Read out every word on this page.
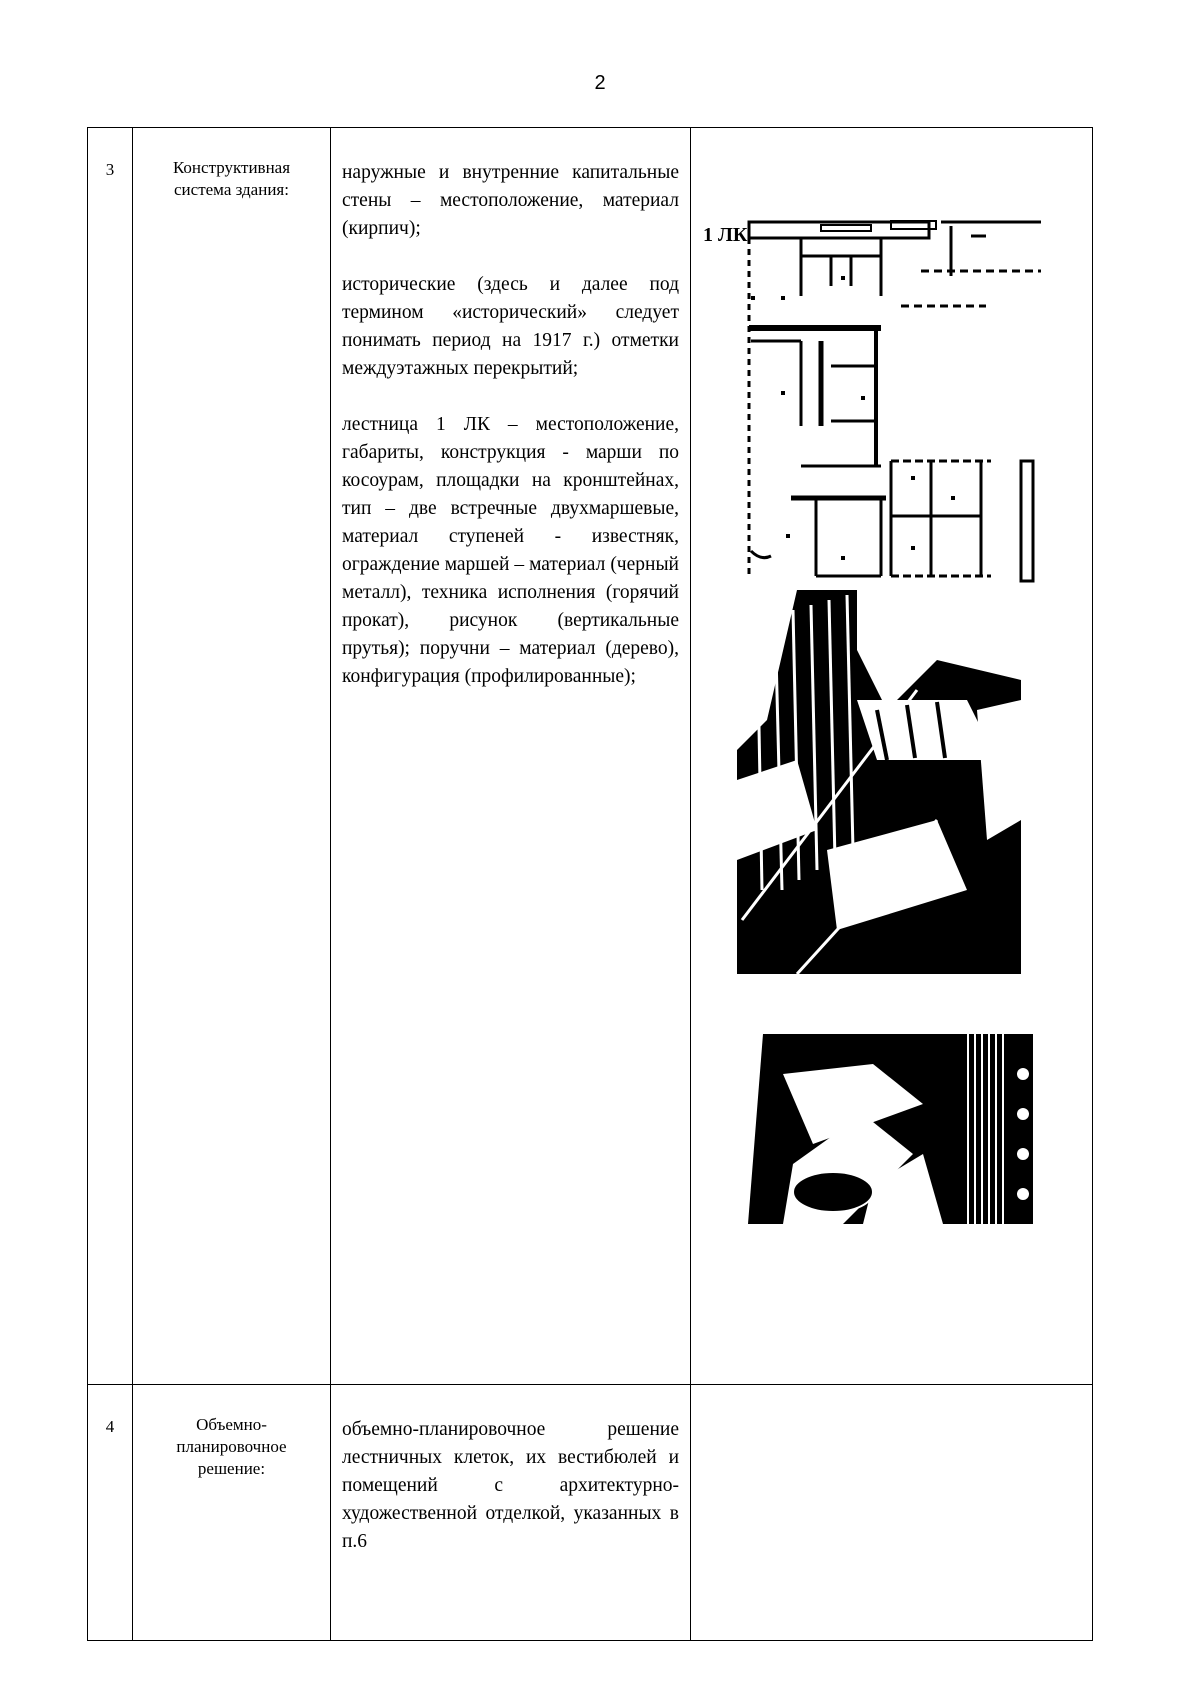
2
3	Конструктивная система здания:	наружные и внутренние капитальные стены – местоположение, материал (кирпич);

исторические (здесь и далее под термином «исторический» следует понимать период на 1917 г.) отметки междуэтажных перекрытий;

лестница 1 ЛК – местоположение, габариты, конструкция - марши по косоурам, площадки на кронштейнах, тип – две встречные двухмаршевые, материал ступеней - известняк, ограждение маршей – материал (черный металл), техника исполнения (горячий прокат), рисунок (вертикальные прутья); поручни – материал (дерево), конфигурация (профилированные);	1 ЛК

4	Объемно-планировочное решение:	объемно-планировочное решение лестничных клеток, их вестибюлей и помещений с архитектурно-художественной отделкой, указанных в п.6	
